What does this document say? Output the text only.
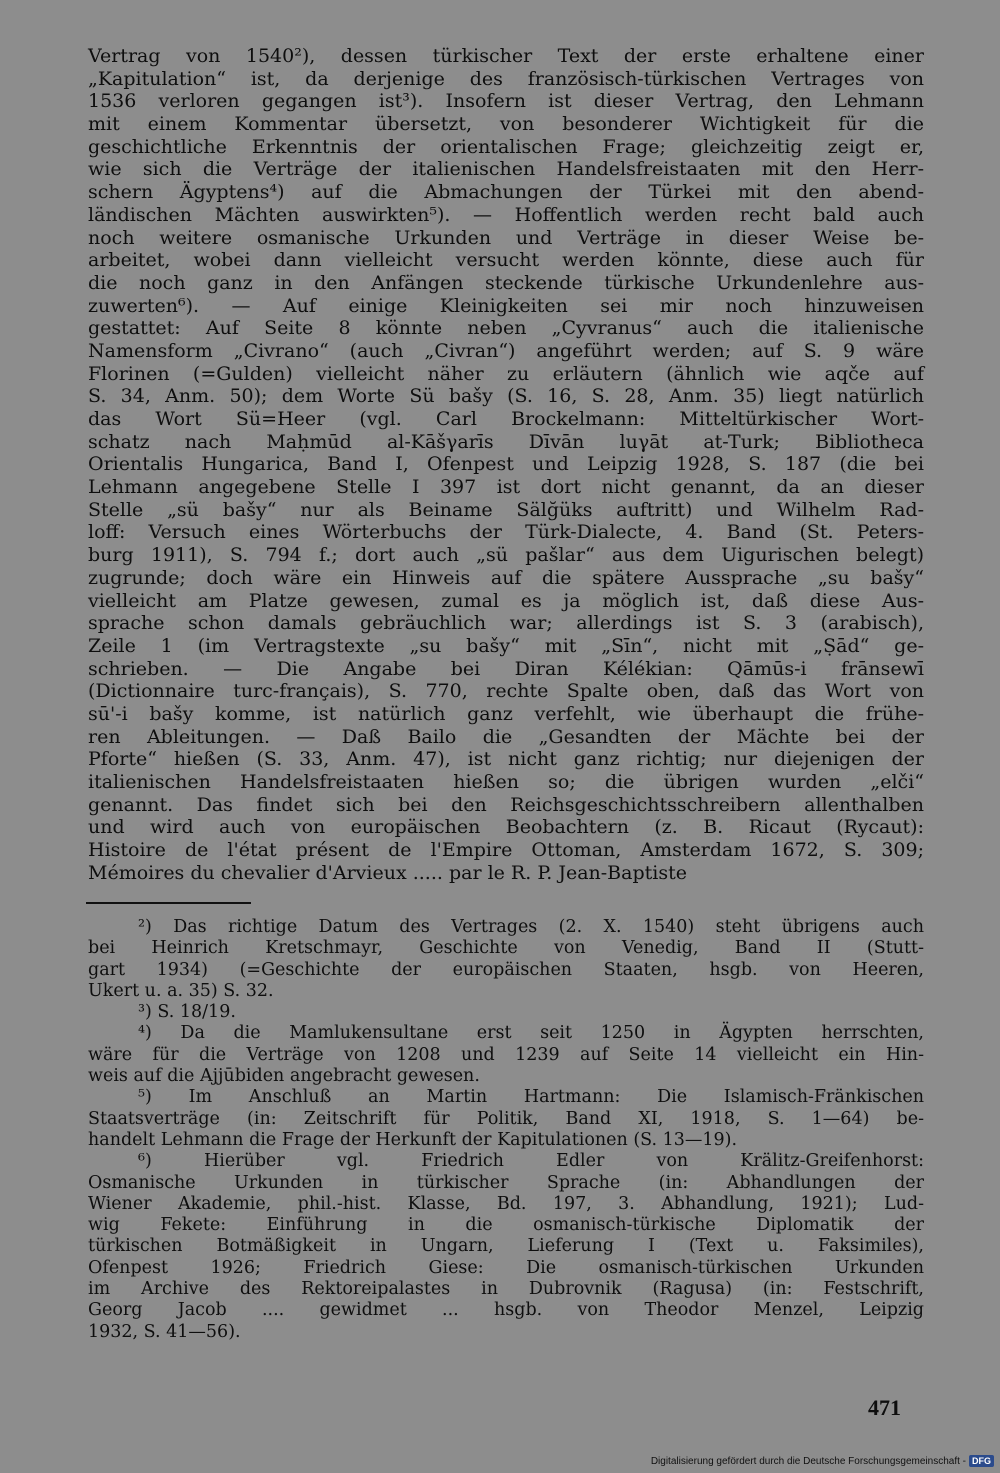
Vertrag von 1540²), dessen türkischer Text der erste erhaltene einer
„Kapitulation“ ist, da derjenige des französisch-türkischen Vertrages von
1536 verloren gegangen ist³). Insofern ist dieser Vertrag, den Lehmann
mit einem Kommentar übersetzt, von besonderer Wichtigkeit für die
geschichtliche Erkenntnis der orientalischen Frage; gleichzeitig zeigt er,
wie sich die Verträge der italienischen Handelsfreistaaten mit den Herr-
schern Ägyptens⁴) auf die Abmachungen der Türkei mit den abend-
ländischen Mächten auswirkten⁵). — Hoffentlich werden recht bald auch
noch weitere osmanische Urkunden und Verträge in dieser Weise be-
arbeitet, wobei dann vielleicht versucht werden könnte, diese auch für
die noch ganz in den Anfängen steckende türkische Urkundenlehre aus-
zuwerten⁶). — Auf einige Kleinigkeiten sei mir noch hinzuweisen
gestattet: Auf Seite 8 könnte neben „Cyvranus“ auch die italienische
Namensform „Civrano“ (auch „Civran“) angeführt werden; auf S. 9 wäre
Florinen (=Gulden) vielleicht näher zu erläutern (ähnlich wie aqče auf
S. 34, Anm. 50); dem Worte Sü bašy (S. 16, S. 28, Anm. 35) liegt natürlich
das Wort Sü=Heer (vgl. Carl Brockelmann: Mitteltürkischer Wort-
schatz nach Maḥmūd al-Kāšγarīs Dīvān luγāt at-Turk; Bibliotheca
Orientalis Hungarica, Band I, Ofenpest und Leipzig 1928, S. 187 (die bei
Lehmann angegebene Stelle I 397 ist dort nicht genannt, da an dieser
Stelle „sü bašy“ nur als Beiname Sälğüks auftritt) und Wilhelm Rad-
loff: Versuch eines Wörterbuchs der Türk-Dialecte, 4. Band (St. Peters-
burg 1911), S. 794 f.; dort auch „sü pašlar“ aus dem Uigurischen belegt)
zugrunde; doch wäre ein Hinweis auf die spätere Aussprache „su bašy“
vielleicht am Platze gewesen, zumal es ja möglich ist, daß diese Aus-
sprache schon damals gebräuchlich war; allerdings ist S. 3 (arabisch),
Zeile 1 (im Vertragstexte „su bašy“ mit „Sīn“, nicht mit „Ṣād“ ge-
schrieben. — Die Angabe bei Diran Kélékian: Qāmūs-i frānsewī
(Dictionnaire turc-français), S. 770, rechte Spalte oben, daß das Wort von
sū'-i bašy komme, ist natürlich ganz verfehlt, wie überhaupt die frühe-
ren Ableitungen. — Daß Bailo die „Gesandten der Mächte bei der
Pforte“ hießen (S. 33, Anm. 47), ist nicht ganz richtig; nur diejenigen der
italienischen Handelsfreistaaten hießen so; die übrigen wurden „elči“
genannt. Das findet sich bei den Reichsgeschichtsschreibern allenthalben
und wird auch von europäischen Beobachtern (z. B. Ricaut (Rycaut):
Histoire de l'état présent de l'Empire Ottoman, Amsterdam 1672, S. 309;
Mémoires du chevalier d'Arvieux ..... par le R. P. Jean-Baptiste
²) Das richtige Datum des Vertrages (2. X. 1540) steht übrigens auch
bei Heinrich Kretschmayr, Geschichte von Venedig, Band II (Stutt-
gart 1934) (=Geschichte der europäischen Staaten, hsgb. von Heeren,
Ukert u. a. 35) S. 32.
³) S. 18/19.
⁴) Da die Mamlukensultane erst seit 1250 in Ägypten herrschten,
wäre für die Verträge von 1208 und 1239 auf Seite 14 vielleicht ein Hin-
weis auf die Ajjūbiden angebracht gewesen.
⁵) Im Anschluß an Martin Hartmann: Die Islamisch-Fränkischen
Staatsverträge (in: Zeitschrift für Politik, Band XI, 1918, S. 1—64) be-
handelt Lehmann die Frage der Herkunft der Kapitulationen (S. 13—19).
⁶) Hierüber vgl. Friedrich Edler von Krälitz-Greifenhorst:
Osmanische Urkunden in türkischer Sprache (in: Abhandlungen der
Wiener Akademie, phil.-hist. Klasse, Bd. 197, 3. Abhandlung, 1921); Lud-
wig Fekete: Einführung in die osmanisch-türkische Diplomatik der
türkischen Botmäßigkeit in Ungarn, Lieferung I (Text u. Faksimiles),
Ofenpest 1926; Friedrich Giese: Die osmanisch-türkischen Urkunden
im Archive des Rektoreipalastes in Dubrovnik (Ragusa) (in: Festschrift,
Georg Jacob .... gewidmet ... hsgb. von Theodor Menzel, Leipzig
1932, S. 41—56).
471
Digitalisierung gefördert durch die Deutsche Forschungsgemeinschaft - DFG
